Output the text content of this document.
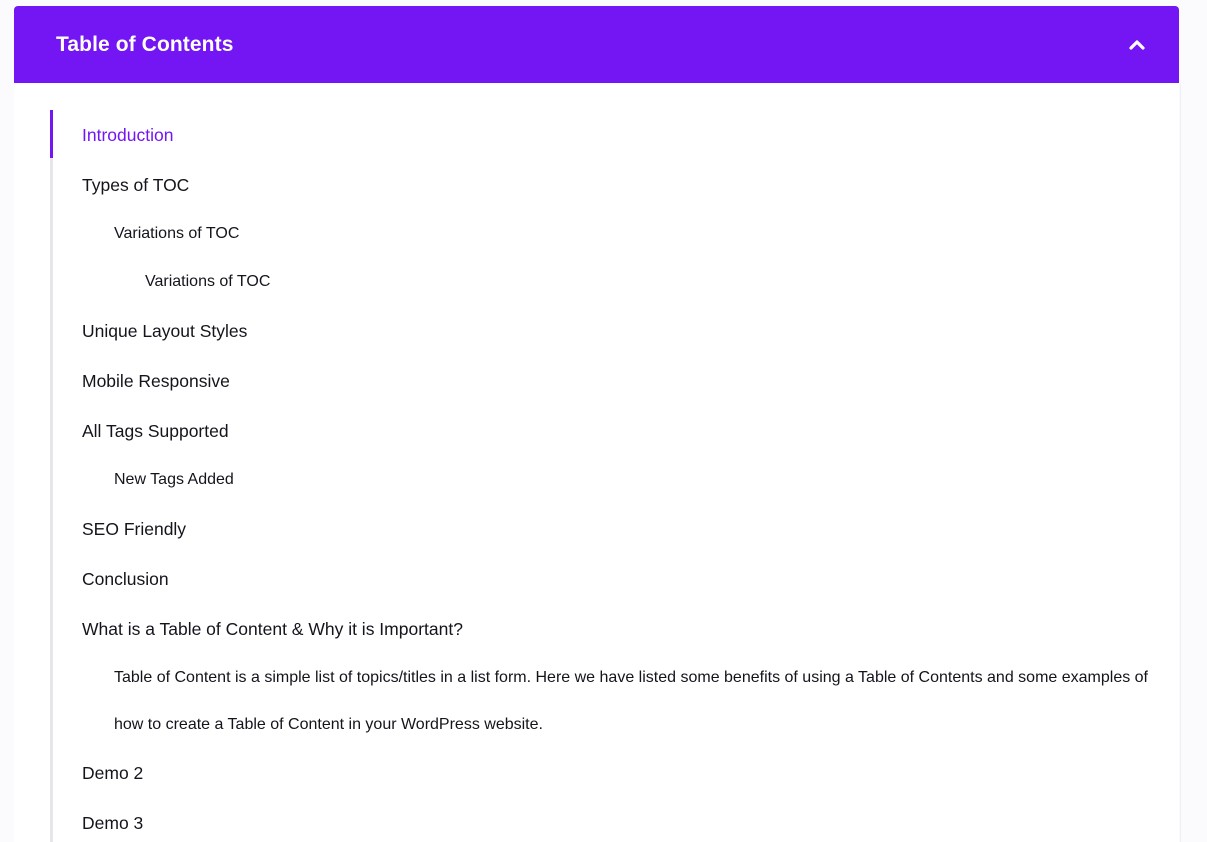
Table of Contents
Introduction
Types of TOC
Variations of TOC
Variations of TOC
Unique Layout Styles
Mobile Responsive
All Tags Supported
New Tags Added
SEO Friendly
Conclusion
What is a Table of Content & Why it is Important?
Table of Content is a simple list of topics/titles in a list form. Here we have listed some benefits of using a Table of Contents and some examples of how to create a Table of Content in your WordPress website.
Demo 2
Demo 3
